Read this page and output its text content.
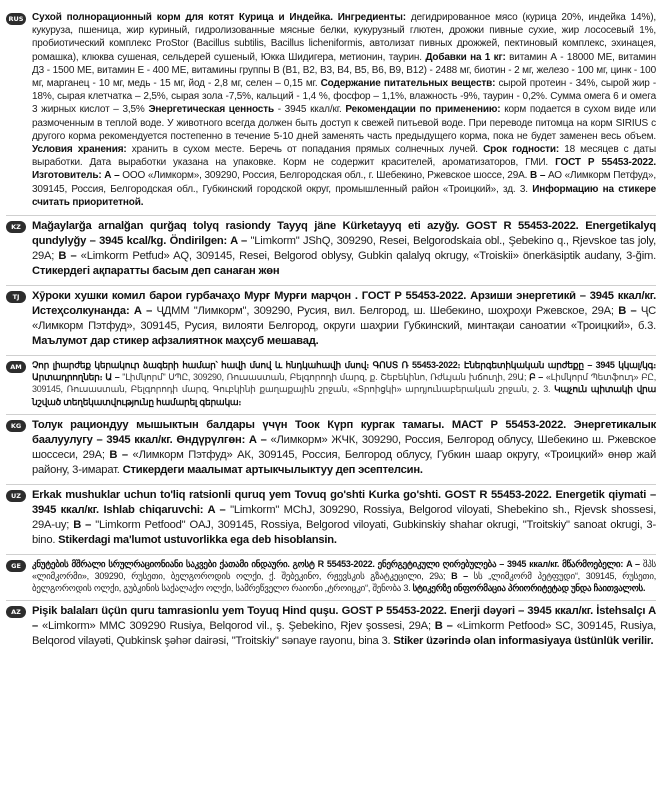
RUS Сухой полнорационный корм для котят Курица и Индейка. Ингредиенты: дегидрированное мясо (курица 20%, индейка 14%), кукуруза, пшеница, жир куриный, гидролизованные мясные белки, кукурузный глютен, дрожжи пивные сухие, жир лососевый 1%, пробиотический комплекс ProStor (Bacillus subtilis, Bacillus licheniformis, автолизат пивных дрожжей, пектиновый комплекс, эхинацея, ромашка), клюква сушеная, сельдерей сушеный, Юкка Шидигера, метионин, таурин. Добавки на 1 кг: витамин А - 18000 МЕ, витамин Д3 - 1500 МЕ, витамин Е - 400 МЕ, витамины группы В (В1, В2, В3, В4, В5, В6, В9, В12) - 2488 мг, биотин - 2 мг, железо - 100 мг, цинк - 100 мг, марганец - 10 мг, медь - 15 мг, йод - 2,8 мг, селен – 0,15 мг. Содержание питательных веществ: сырой протеин - 34%, сырой жир - 18%, сырая клетчатка – 2,5%, сырая зола -7,5%, кальций - 1,4 %, фосфор – 1,1%, влажность -9%, таурин - 0,2%. Сумма омега 6 и омега 3 жирных кислот – 3,5% Энергетическая ценность - 3945 ккал/кг. Рекомендации по применению: корм подается в сухом виде или размоченным в теплой воде. У животного всегда должен быть доступ к свежей питьевой воде. При переводе питомца на корм SIRIUS с другого корма рекомендуется постепенно в течение 5-10 дней заменять часть предыдущего корма, пока не будет заменен весь объем. Условия хранения: хранить в сухом месте. Беречь от попадания прямых солнечных лучей. Срок годности: 18 месяцев с даты выработки. Дата выработки указана на упаковке. Корм не содержит красителей, ароматизаторов, ГМИ. ГОСТ Р 55453-2022. Изготовитель: А – ООО «Лимкорм», 309290, Россия, Белгородская обл., г. Шебекино, Ржевское шоссе, 29А. В – АО «Лимкорм Петфуд», 309145, Россия, Белгородская обл., Губкинский городской округ, промышленный район «Троицкий», зд. 3. Информацию на стикере считать приоритетной.
KZ Mağaylarğa arnalğan qurğaq tolyq rasiondy Tayyq jäne Kürketayyq eti azyğy. GOST R 55453-2022. Energetikalyq qundylyğy – 3945 kcal/kg. Öndirilgen: A – "Limkorm" JShQ, 309290, Resei, Belgorodskaia obl., Şebekino q., Rjevskoe tas joly, 29A; B – «Limkorm Petfud» AQ, 309145, Resei, Belgorod oblysy, Gubkin qalalyq okrugy, «Troiskii» önerkäsiptik audany, 3-ğim. Стикердегі ақпаратты басым деп санаған жөн
TJ	Хӯроки хушки комил барои гурбачаҳо Мурғ Мурғи марҷон . ГОСТ Р 55453-2022. Арзиши энергетикӣ – 3945 ккал/кг. Истеҳсолкунанда: А – ҶДММ "Лимкорм", 309290, Русия, вил. Белгород, ш. Шебекино, шоҳроҳи Ржевское, 29А; В – ҶС «Лимкорм Пэтфуд», 309145, Русия, вилояти Белгород, округи шаҳрии Губкинский, минтақаи саноатии «Троицкий», б.3. Маълумот дар стикер афзалиятнок маҳсуб мешавад.
AM	Չոր լիարժեք կերակուր ձագերի համար՝ հավի մսով և հնդկահավի մսով։ ԳՈՍՏ Ռ 55453-2022։ Էներգետիկական արժեքը – 3945 կկալ/կգ։ Արտադրողներ։ Ա – "Լիմկորմ" ՍՊԸ, 309290, Ռուսաստան, Բելգորոդի մարզ, ք. Շեբեկինո, Ռժևյան խճուղի, 29Ա; Բ – «Լիմկորմ Պետֆուդ» ԲԸ, 309145, Ռուսաստան, Բելգորոդի մարզ, Գուբկինի քաղաքային շրջան, «Տրոիցկի» արդյունաբերական շրջան, շ. 3. Կպչուն պիտակի վրա նշված տեղեկատվությունը համարել գերակա։
KG Толук рациондуу мышыктын балдары үчүн Тоок Күрп кургак тамагы. МАСТ Р 55453-2022. Энергетикалык баалуулугу – 3945 ккал/кг. Өндүрүлгөн: А – «Лимкорм» ЖЧК, 309290, Россия, Белгород облусу, Шебекино ш. Ржевское шоссеси, 29А; В – «Лимкорм Пэтфуд» АК, 309145, Россия, Белгород облусу, Губкин шаар округу, «Троицкий» өнөр жай району, 3-имарат. Стикердеги маалымат артыкчылыктуу деп эсептелсин.
UZ Erkak mushuklar uchun to'liq ratsionli quruq yem Tovuq go'shti Kurka go'shti. GOST R 55453-2022. Energetik qiymati – 3945 ккал/кг. Ishlab chiqaruvchi: A – "Limkorm" MChJ, 309290, Rossiya, Belgorod viloyati, Shebekino sh., Rjevsk shossesi, 29A-uy; B – "Limkorm Petfood" OAJ, 309145, Rossiya, Belgorod viloyati, Gubkinskiy shahar okrugi, "Troitskiy" sanoat okrugi, 3-bino. Stikerdagi ma'lumot ustuvorlikka ega deb hisoblansin.
GE	კნუტების მშრალი სრულრაციონიანი საკვები ქათამი ინდაური. გოსტ R 55453-2022. ენერგეტიკული ღირებულება – 3945 ккал/кг. მწარმოებელი: A – შპს «ლიმკორმი», 309290, რუსეთი, ბელგოროდის ოლქი, ქ. შებეკინო, რჟევსკის გზატკეცილი, 29ა; B – სს „ლიმკორმ პეტფუდი“, 309145, რუსეთი, ბელგოროდის ოლქი, გუბკინის საქალაქო ოლქი, სამრეწველო რაიონი „ტროიცკი“, შენობა 3. სტიკერზე ინფორმაცია პრიორიტეტად უნდა ჩაითვალოს.
AZ Pişik balaları üçün quru tamrasionlu yem Toyuq Hind quşu. GOST P 55453-2022. Enerji dəyəri – 3945 ккал/кг. İstehsalçı A – «Limkorm» MMC 309290 Rusiya, Belqorod vil., ş. Şebekino, Rjev şossesi, 29A; B – «Limkorm Petfood» SC, 309145, Rusiya, Belqorod vilayəti, Qubkinsk şəhər dairəsi, "Troitskiy" sənaye rayonu, bina 3. Stiker üzərində olan informasiyaya üstünlük verilir.
